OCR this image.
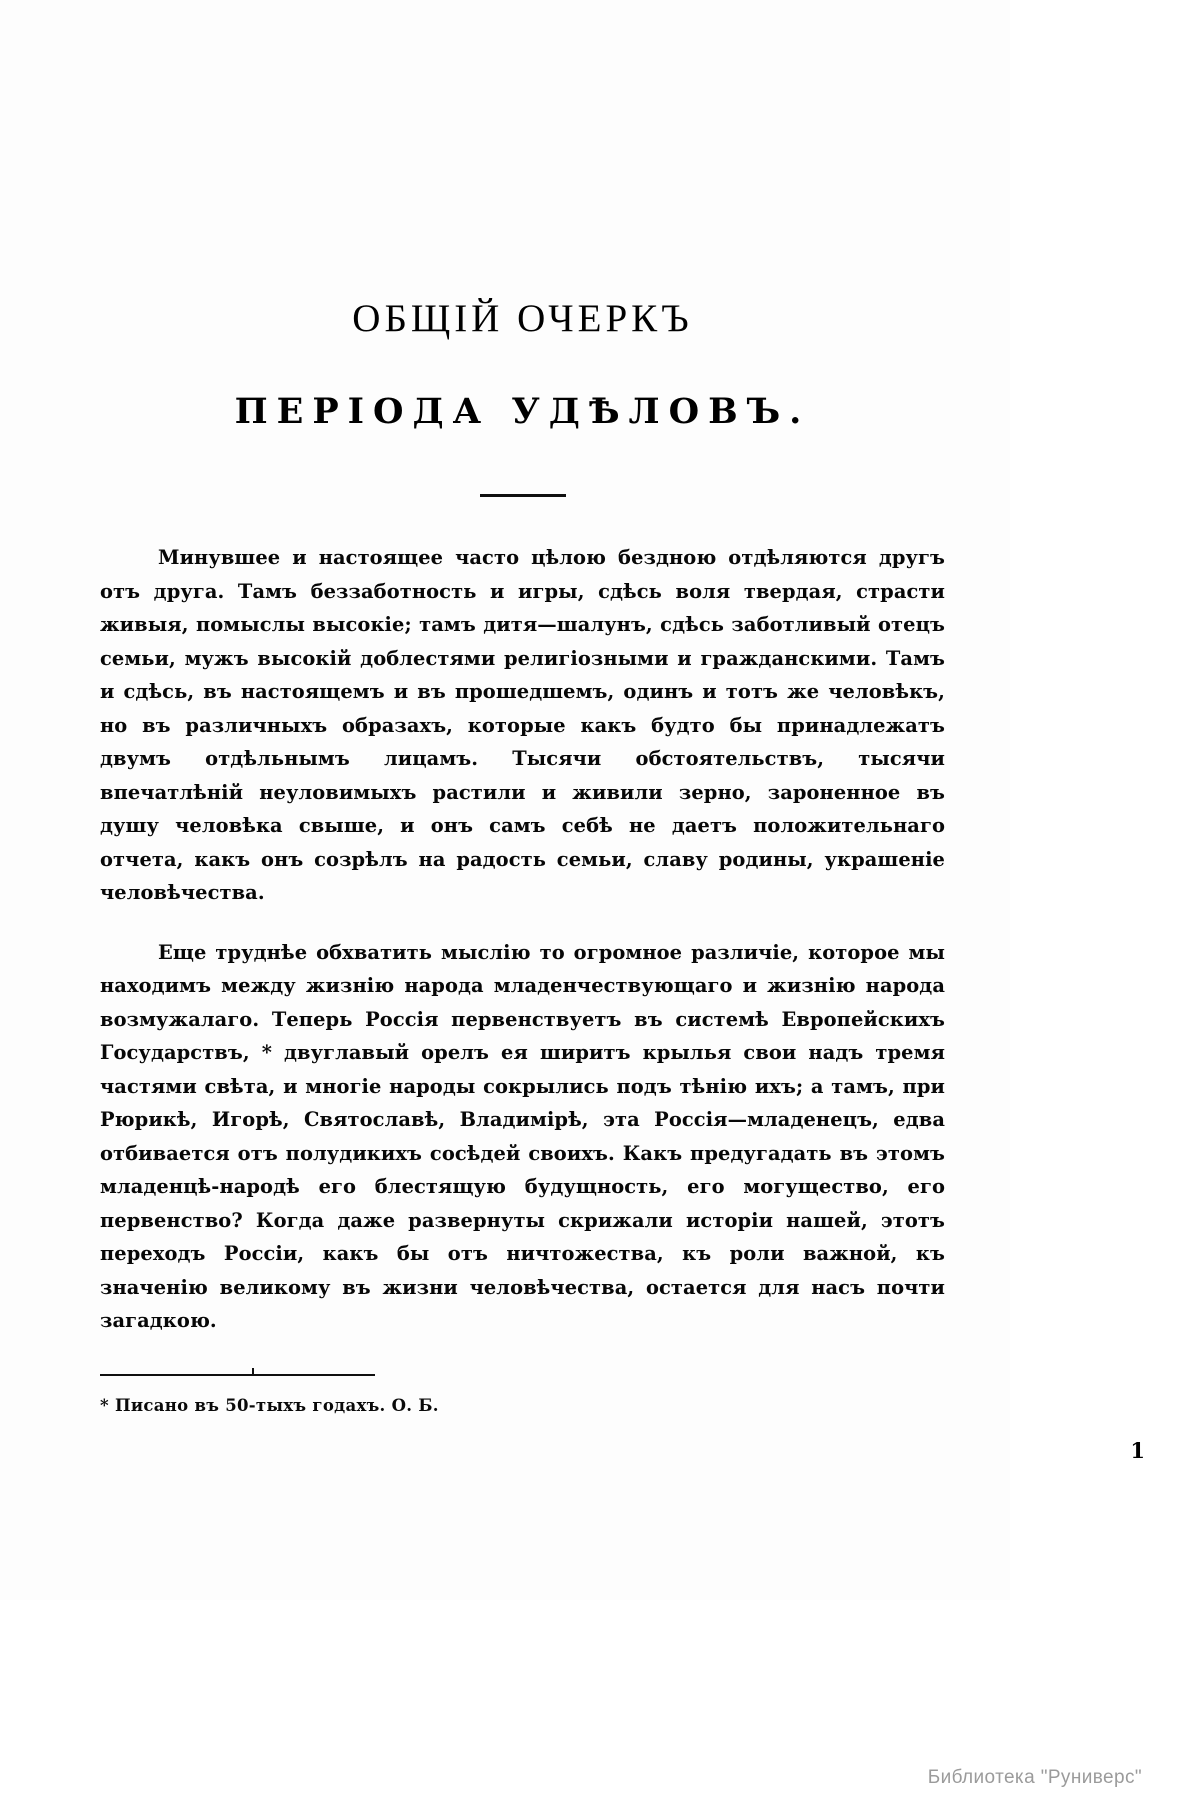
ОБЩІЙ ОЧЕРКЪ
ПЕРІОДА УДѢЛОВЪ.

Минувшее и настоящее часто цѣлою бездною отдѣляются другъ отъ друга. Тамъ беззаботность и игры, сдѣсь воля твердая, страсти живыя, помыслы высокіе; тамъ дитя—шалунъ, сдѣсь заботливый отецъ семьи, мужъ высокій доблестями религіозными и гражданскими. Тамъ и сдѣсь, въ настоящемъ и въ прошедшемъ, одинъ и тотъ же человѣкъ, но въ различныхъ образахъ, которые какъ будто бы принадлежатъ двумъ отдѣльнымъ лицамъ. Тысячи обстоятельствъ, тысячи впечатлѣній неуловимыхъ растили и живили зерно, зароненное въ душу человѣка свыше, и онъ самъ себѣ не даетъ положительнаго отчета, какъ онъ созрѣлъ на радость семьи, славу родины, украшеніе человѣчества.

Еще труднѣе обхватить мыслію то огромное различіе, которое мы находимъ между жизнію народа младенчествующаго и жизнію народа возмужалаго. Теперь Россія первенствуетъ въ системѣ Европейскихъ Государствъ, * двуглавый орелъ ея ширитъ крылья свои надъ тремя частями свѣта, и многіе народы сокрылись подъ тѣнію ихъ; а тамъ, при Рюрикѣ, Игорѣ, Святославѣ, Владимірѣ, эта Россія—младенецъ, едва отбивается отъ полудикихъ сосѣдей своихъ. Какъ предугадать въ этомъ младенцѣ-народѣ его блестящую будущность, его могущество, его первенство? Когда даже развернуты скрижали исторіи нашей, этотъ переходъ Россіи, какъ бы отъ ничтожества, къ роли важной, къ значенію великому въ жизни человѣчества, остается для насъ почти загадкою.

* Писано въ 50-тыхъ годахъ. О. Б.
1
Библиотека "Руниверс"
